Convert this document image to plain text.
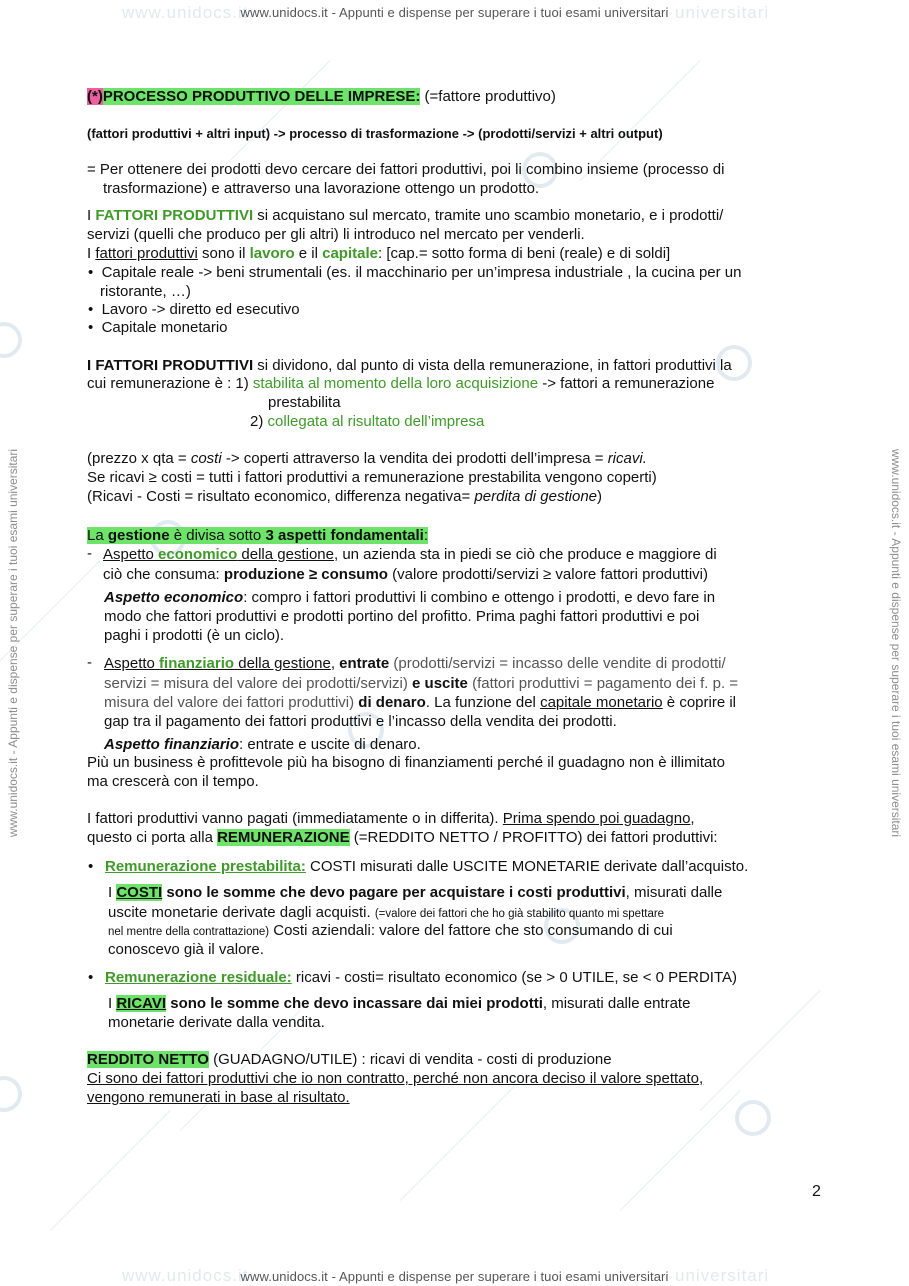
www.unidocs.it	universitari
www.unidocs.it	universitari
www.unidocs.it - Appunti e dispense per superare i tuoi esami universitari
www.unidocs.it - Appunti e dispense per superare i tuoi esami universitari
www.unidocs.it - Appunti e dispense per superare i tuoi esami universitari	www.unidocs.it - Appunti e dispense per superare i tuoi esami universitari
(*)PROCESSO PRODUTTIVO DELLE IMPRESE: (=fattore produttivo)
(fattori produttivi + altri input) -> processo di trasformazione -> (prodotti/servizi + altri output)
= Per ottenere dei prodotti devo cercare dei fattori produttivi, poi li combino insieme (processo di
trasformazione) e attraverso una lavorazione ottengo un prodotto.
I FATTORI PRODUTTIVI si acquistano sul mercato, tramite uno scambio monetario, e i prodotti/
servizi (quelli che produco per gli altri) li introduco nel mercato per venderli.
I fattori produttivi sono il lavoro e il capitale: [cap.= sotto forma di beni (reale) e di soldi]
•  Capitale reale -> beni strumentali (es. il macchinario per un’impresa industriale , la cucina per un
ristorante, …)
•  Lavoro -> diretto ed esecutivo
•  Capitale monetario
I FATTORI PRODUTTIVI si dividono, dal punto di vista della remunerazione, in fattori produttivi la
cui remunerazione è : 1) stabilita al momento della loro acquisizione -> fattori a remunerazione
prestabilita
2) collegata al risultato dell’impresa
(prezzo x qta = costi -> coperti attraverso la vendita dei prodotti dell’impresa = ricavi.
Se ricavi ≥ costi = tutti i fattori produttivi a remunerazione prestabilita vengono coperti)
(Ricavi - Costi = risultato economico, differenza negativa= perdita di gestione)
La gestione è divisa sotto 3 aspetti fondamentali:
- Aspetto economico della gestione, un azienda sta in piedi se ciò che produce e maggiore di
ciò che consuma: produzione ≥ consumo (valore prodotti/servizi ≥ valore fattori produttivi)
Aspetto economico: compro i fattori produttivi li combino e ottengo i prodotti, e devo fare in
modo che fattori produttivi e prodotti portino del profitto. Prima paghi fattori produttivi e poi
paghi i prodotti (è un ciclo).
- Aspetto finanziario della gestione, entrate (prodotti/servizi = incasso delle vendite di prodotti/
servizi = misura del valore dei prodotti/servizi) e uscite (fattori produttivi = pagamento dei f. p. =
misura del valore dei fattori produttivi) di denaro. La funzione del capitale monetario è coprire il
gap tra il pagamento dei fattori produttivi e l’incasso della vendita dei prodotti.
Aspetto finanziario: entrate e uscite di denaro.
Più un business è profittevole più ha bisogno di finanziamenti perché il guadagno non è illimitato
ma crescerà con il tempo.
I fattori produttivi vanno pagati (immediatamente o in differita). Prima spendo poi guadagno,
questo ci porta alla REMUNERAZIONE (=REDDITO NETTO / PROFITTO) dei fattori produttivi:
• Remunerazione prestabilita: COSTI misurati dalle USCITE MONETARIE derivate dall’acquisto.
I COSTI sono le somme che devo pagare per acquistare i costi produttivi, misurati dalle
uscite monetarie derivate dagli acquisti. (=valore dei fattori che ho già stabilito quanto mi spettare
nel mentre della contrattazione) Costi aziendali: valore del fattore che sto consumando di cui
conoscevo già il valore.
• Remunerazione residuale: ricavi - costi= risultato economico (se > 0 UTILE, se < 0 PERDITA)
I RICAVI sono le somme che devo incassare dai miei prodotti, misurati dalle entrate
monetarie derivate dalla vendita.
REDDITO NETTO (GUADAGNO/UTILE) : ricavi di vendita - costi di produzione
Ci sono dei fattori produttivi che io non contratto, perché non ancora deciso il valore spettato,
vengono remunerati in base al risultato.
2
